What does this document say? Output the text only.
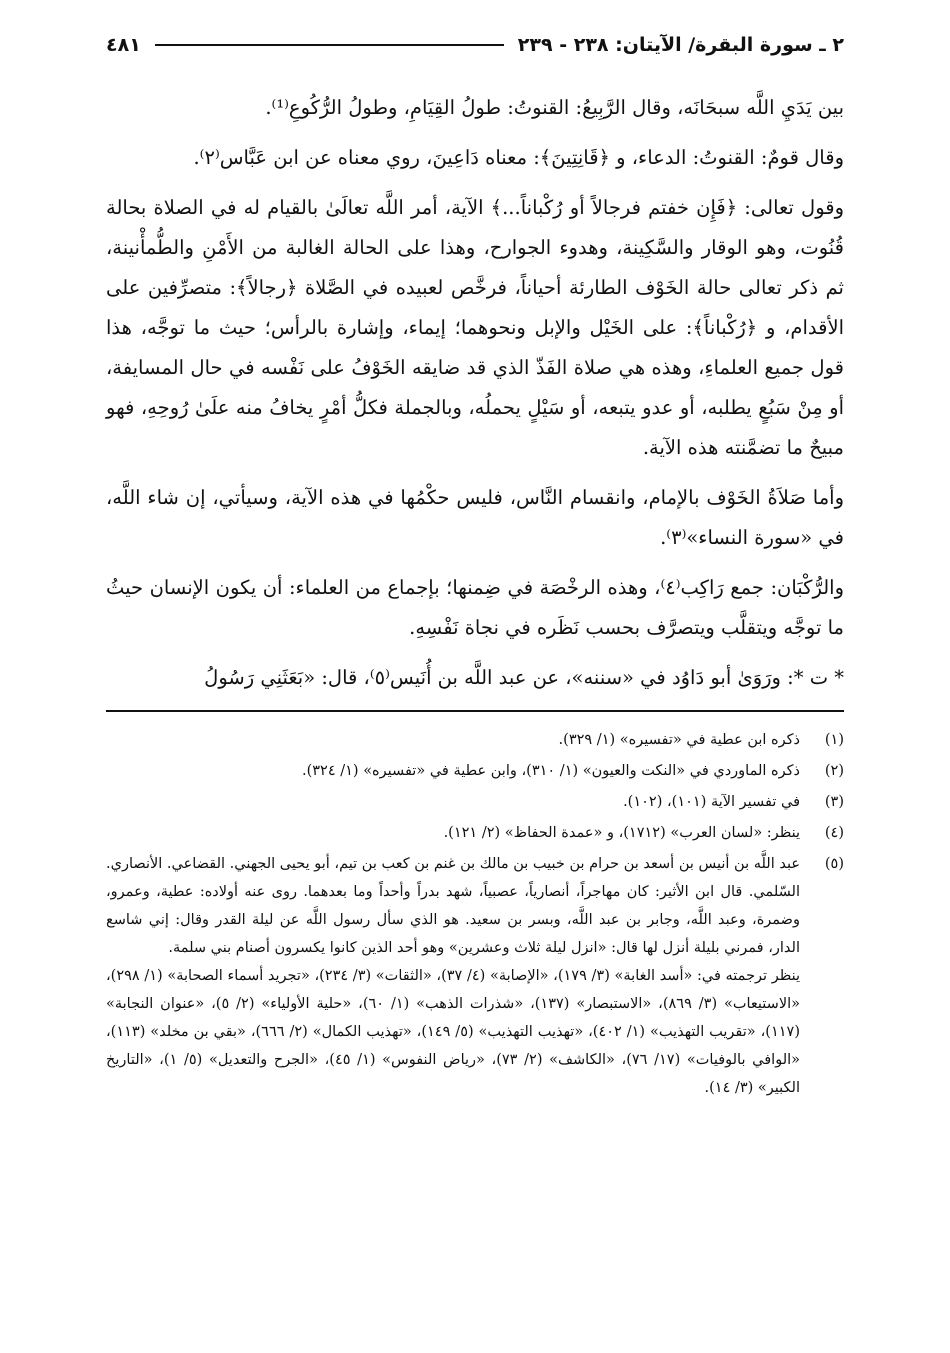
٢ ـ سورة البقرة/ الآيتان: ٢٣٨ - ٢٣٩
٤٨١

بين يَدَيِ اللَّه سبحَانَه، وقال الرَّبِيعُ: القنوتُ: طولُ القِيَامِ، وطولُ الرُّكُوعِ⁽¹⁾.

وقال قومٌ: القنوتُ: الدعاء، و ﴿قَانِتِينَ﴾: معناه دَاعِينَ، روي معناه عن ابن عَبَّاس⁽٢⁾.

وقول تعالى: ﴿فَإِن خفتم فرجالاً أو رُكْباناً...﴾ الآية، أمر اللَّه تعالَىٰ بالقيام له في الصلاة بحالة قُنُوت، وهو الوقار والسَّكِينة، وهدوء الجوارح، وهذا على الحالة الغالبة من الأَمْنِ والطُّمأْنينة، ثم ذكر تعالى حالة الخَوْف الطارئة أحياناً، فرخَّص لعبيده في الصَّلاة ﴿رجالاً﴾: متصرِّفين على الأقدام، و ﴿رُكْباناً﴾: على الخَيْل والإبل ونحوهما؛ إيماء، وإشارة بالرأس؛ حيث ما توجَّه، هذا قول جميع العلماءِ، وهذه هي صلاة الفَذّ الذي قد ضايقه الخَوْفُ على نَفْسه في حال المسايفة، أو مِنْ سَبُعٍ يطلبه، أو عدو يتبعه، أو سَيْلٍ يحملُه، وبالجملة فكلُّ أمْرٍ يخافُ منه علَىٰ رُوحِهِ، فهو مبيحٌ ما تضمَّنته هذه الآية.

وأما صَلاَةُ الخَوْف بالإمام، وانقسام النَّاس، فليس حكْمُها في هذه الآية، وسيأتي، إن شاء اللَّه، في «سورة النساء»⁽٣⁾.

والرُّكْبَان: جمع رَاكِب⁽٤⁾، وهذه الرخْصَة في ضِمنها؛ بإجماع من العلماء: أن يكون الإنسان حيثُ ما توجَّه ويتقلَّب ويتصرَّف بحسب نَظَره في نجاة نَفْسِهِ.

* ت *: ورَوَىٰ أبو دَاوُد في «سننه»، عن عبد اللَّه بن أُنَيس⁽٥⁾، قال: «بَعَثَنِي رَسُولُ

(١)
ذكره ابن عطية في «تفسيره» (١/ ٣٢٩).
(٢)
ذكره الماوردي في «النكت والعيون» (١/ ٣١٠)، وابن عطية في «تفسيره» (١/ ٣٢٤).
(٣)
في تفسير الآية (١٠١)، (١٠٢).
(٤)
ينظر: «لسان العرب» (١٧١٢)، و «عمدة الحفاظ» (٢/ ١٢١).
(٥)

عبد اللَّه بن أنيس بن أسعد بن حرام بن خبيب بن مالك بن غنم بن كعب بن تيم، أبو يحيى الجهني. القضاعي. الأنصاري. السّلمي. قال ابن الأثير: كان مهاجراً، أنصارياً، عصبياً، شهد بدراً وأحداً وما بعدهما. روى عنه أولاده: عطية، وعمرو، وضمرة، وعبد اللَّه، وجابر بن عبد اللَّه، وبسر بن سعيد. هو الذي سأل رسول اللَّه عن ليلة القدر وقال: إني شاسع الدار، فمرني بليلة أنزل لها قال: «انزل ليلة ثلاث وعشرين» وهو أحد الذين كانوا يكسرون أصنام بني سلمة.

ينظر ترجمته في: «أسد الغابة» (٣/ ١٧٩)، «الإصابة» (٤/ ٣٧)، «الثقات» (٣/ ٢٣٤)، «تجريد أسماء الصحابة» (١/ ٢٩٨)، «الاستيعاب» (٣/ ٨٦٩)، «الاستبصار» (١٣٧)، «شذرات الذهب» (١/ ٦٠)، «حلية الأولياء» (٢/ ٥)، «عنوان النجابة» (١١٧)، «تقريب التهذيب» (١/ ٤٠٢)، «تهذيب التهذيب» (٥/ ١٤٩)، «تهذيب الكمال» (٢/ ٦٦٦)، «بقي بن مخلد» (١١٣)، «الوافي بالوفيات» (١٧/ ٧٦)، «الكاشف» (٢/ ٧٣)، «رياض النفوس» (١/ ٤٥)، «الجرح والتعديل» (٥/ ١)، «التاريخ الكبير» (٣/ ١٤).
